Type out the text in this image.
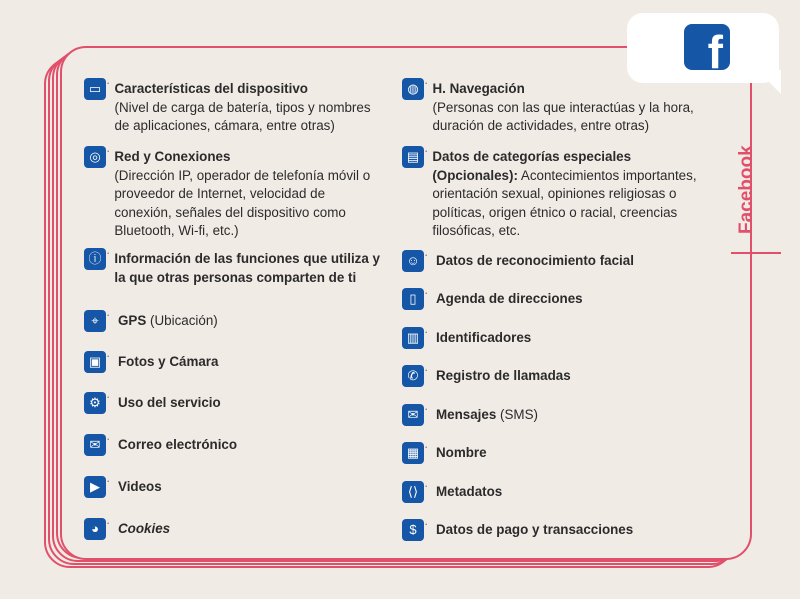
f
Facebook
▭ · Características del dispositivo
(Nivel de carga de batería, tipos y nombres de aplicaciones, cámara, entre otras)
◎ · Red y Conexiones
(Dirección IP, operador de telefonía móvil o proveedor de Internet, velocidad de conexión, señales del dispositivo como Bluetooth, Wi-fi, etc.)
ⓘ · Información de las funciones que utiliza y la que otras personas comparten de ti
⌖ · GPS (Ubicación)
▣ · Fotos y Cámara
⚙ · Uso del servicio
✉ · Correo electrónico
▶ · Videos
◕ · Cookies
◍ · H. Navegación
(Personas con las que interactúas y la hora, duración de actividades, entre otras)
▤ · Datos de categorías especiales (Opcionales): Acontecimientos importantes, orientación sexual, opiniones religiosas o políticas, origen étnico o racial, creencias filosóficas, etc.
☺ · Datos de reconocimiento facial
▯ · Agenda de direcciones
▥ · Identificadores
✆ · Registro de llamadas
✉ · Mensajes (SMS)
▦ · Nombre
⟨⟩ · Metadatos
$ · Datos de pago y transacciones
